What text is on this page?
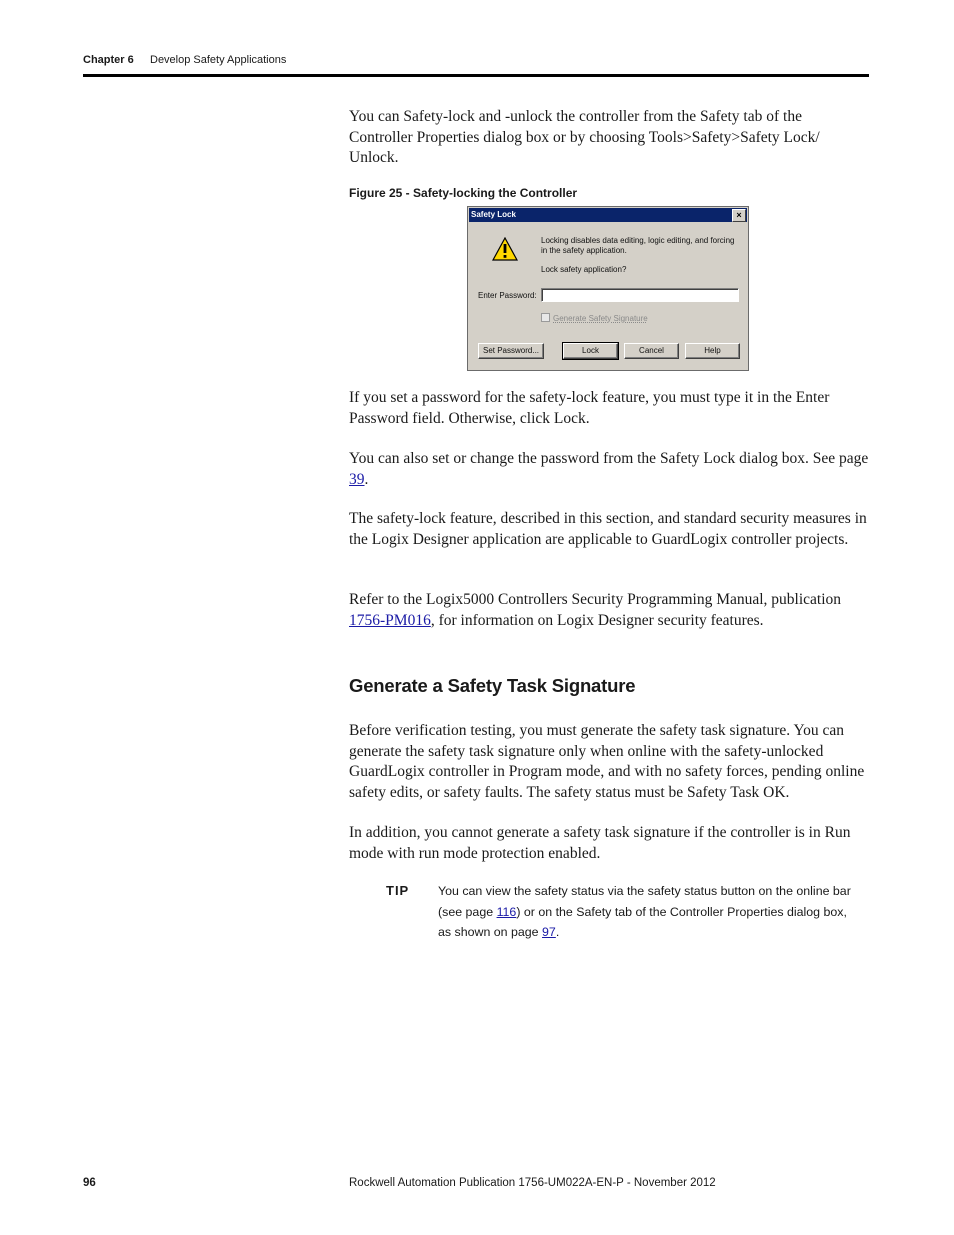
Chapter 6 Develop Safety Applications

You can Safety-lock and -unlock the controller from the Safety tab of the Controller Properties dialog box or by choosing Tools>Safety>Safety Lock/ Unlock.

Figure 25 - Safety-locking the Controller
Safety Lock	×

Locking disables data editing, logic editing, and forcing in the safety application.

Lock safety application?
Enter Password:
Generate Safety Signature
Set Password...	Lock	Cancel	Help

If you set a password for the safety-lock feature, you must type it in the Enter Password field. Otherwise, click Lock.

You can also set or change the password from the Safety Lock dialog box. See page 39.

The safety-lock feature, described in this section, and standard security measures in the Logix Designer application are applicable to GuardLogix controller projects.

Refer to the Logix5000 Controllers Security Programming Manual, publication 1756-PM016, for information on Logix Designer security features.

Generate a Safety Task Signature

Before verification testing, you must generate the safety task signature. You can generate the safety task signature only when online with the safety-unlocked GuardLogix controller in Program mode, and with no safety forces, pending online safety edits, or safety faults. The safety status must be Safety Task OK.

In addition, you cannot generate a safety task signature if the controller is in Run mode with run mode protection enabled.

TIP You can view the safety status via the safety status button on the online bar (see page 116) or on the Safety tab of the Controller Properties dialog box, as shown on page 97.

96	Rockwell Automation Publication 1756-UM022A-EN-P - November 2012
